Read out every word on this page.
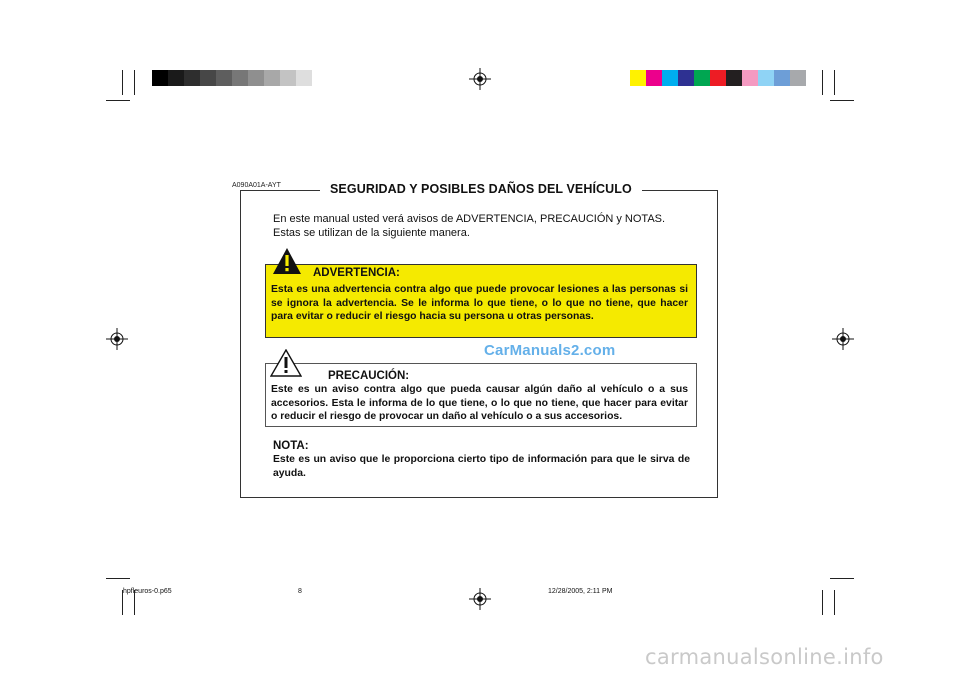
A090A01A-AYT	SEGURIDAD Y POSIBLES DAÑOS DEL VEHÍCULO
En este manual usted verá avisos de ADVERTENCIA, PRECAUCIÓN y NOTAS. Estas se utilizan de la siguiente manera.
ADVERTENCIA:
Esta es una advertencia contra algo que puede provocar lesiones a las personas si se ignora la advertencia. Se le informa lo que tiene, o lo que no tiene, que hacer para evitar o reducir el riesgo hacia su persona u otras personas.
CarManuals2.com
PRECAUCIÓN:
Este es un aviso contra algo que pueda causar algún daño al vehículo o a sus accesorios. Esta le informa de lo que tiene, o lo que no tiene, que hacer para evitar o reducir el riesgo de provocar un daño al vehículo o a sus accesorios.
NOTA:
Este es un aviso que le proporciona cierto tipo de información para que le sirva de ayuda.
hpfleuros-0.p65	8	12/28/2005, 2:11 PM
carmanualsonline.info
